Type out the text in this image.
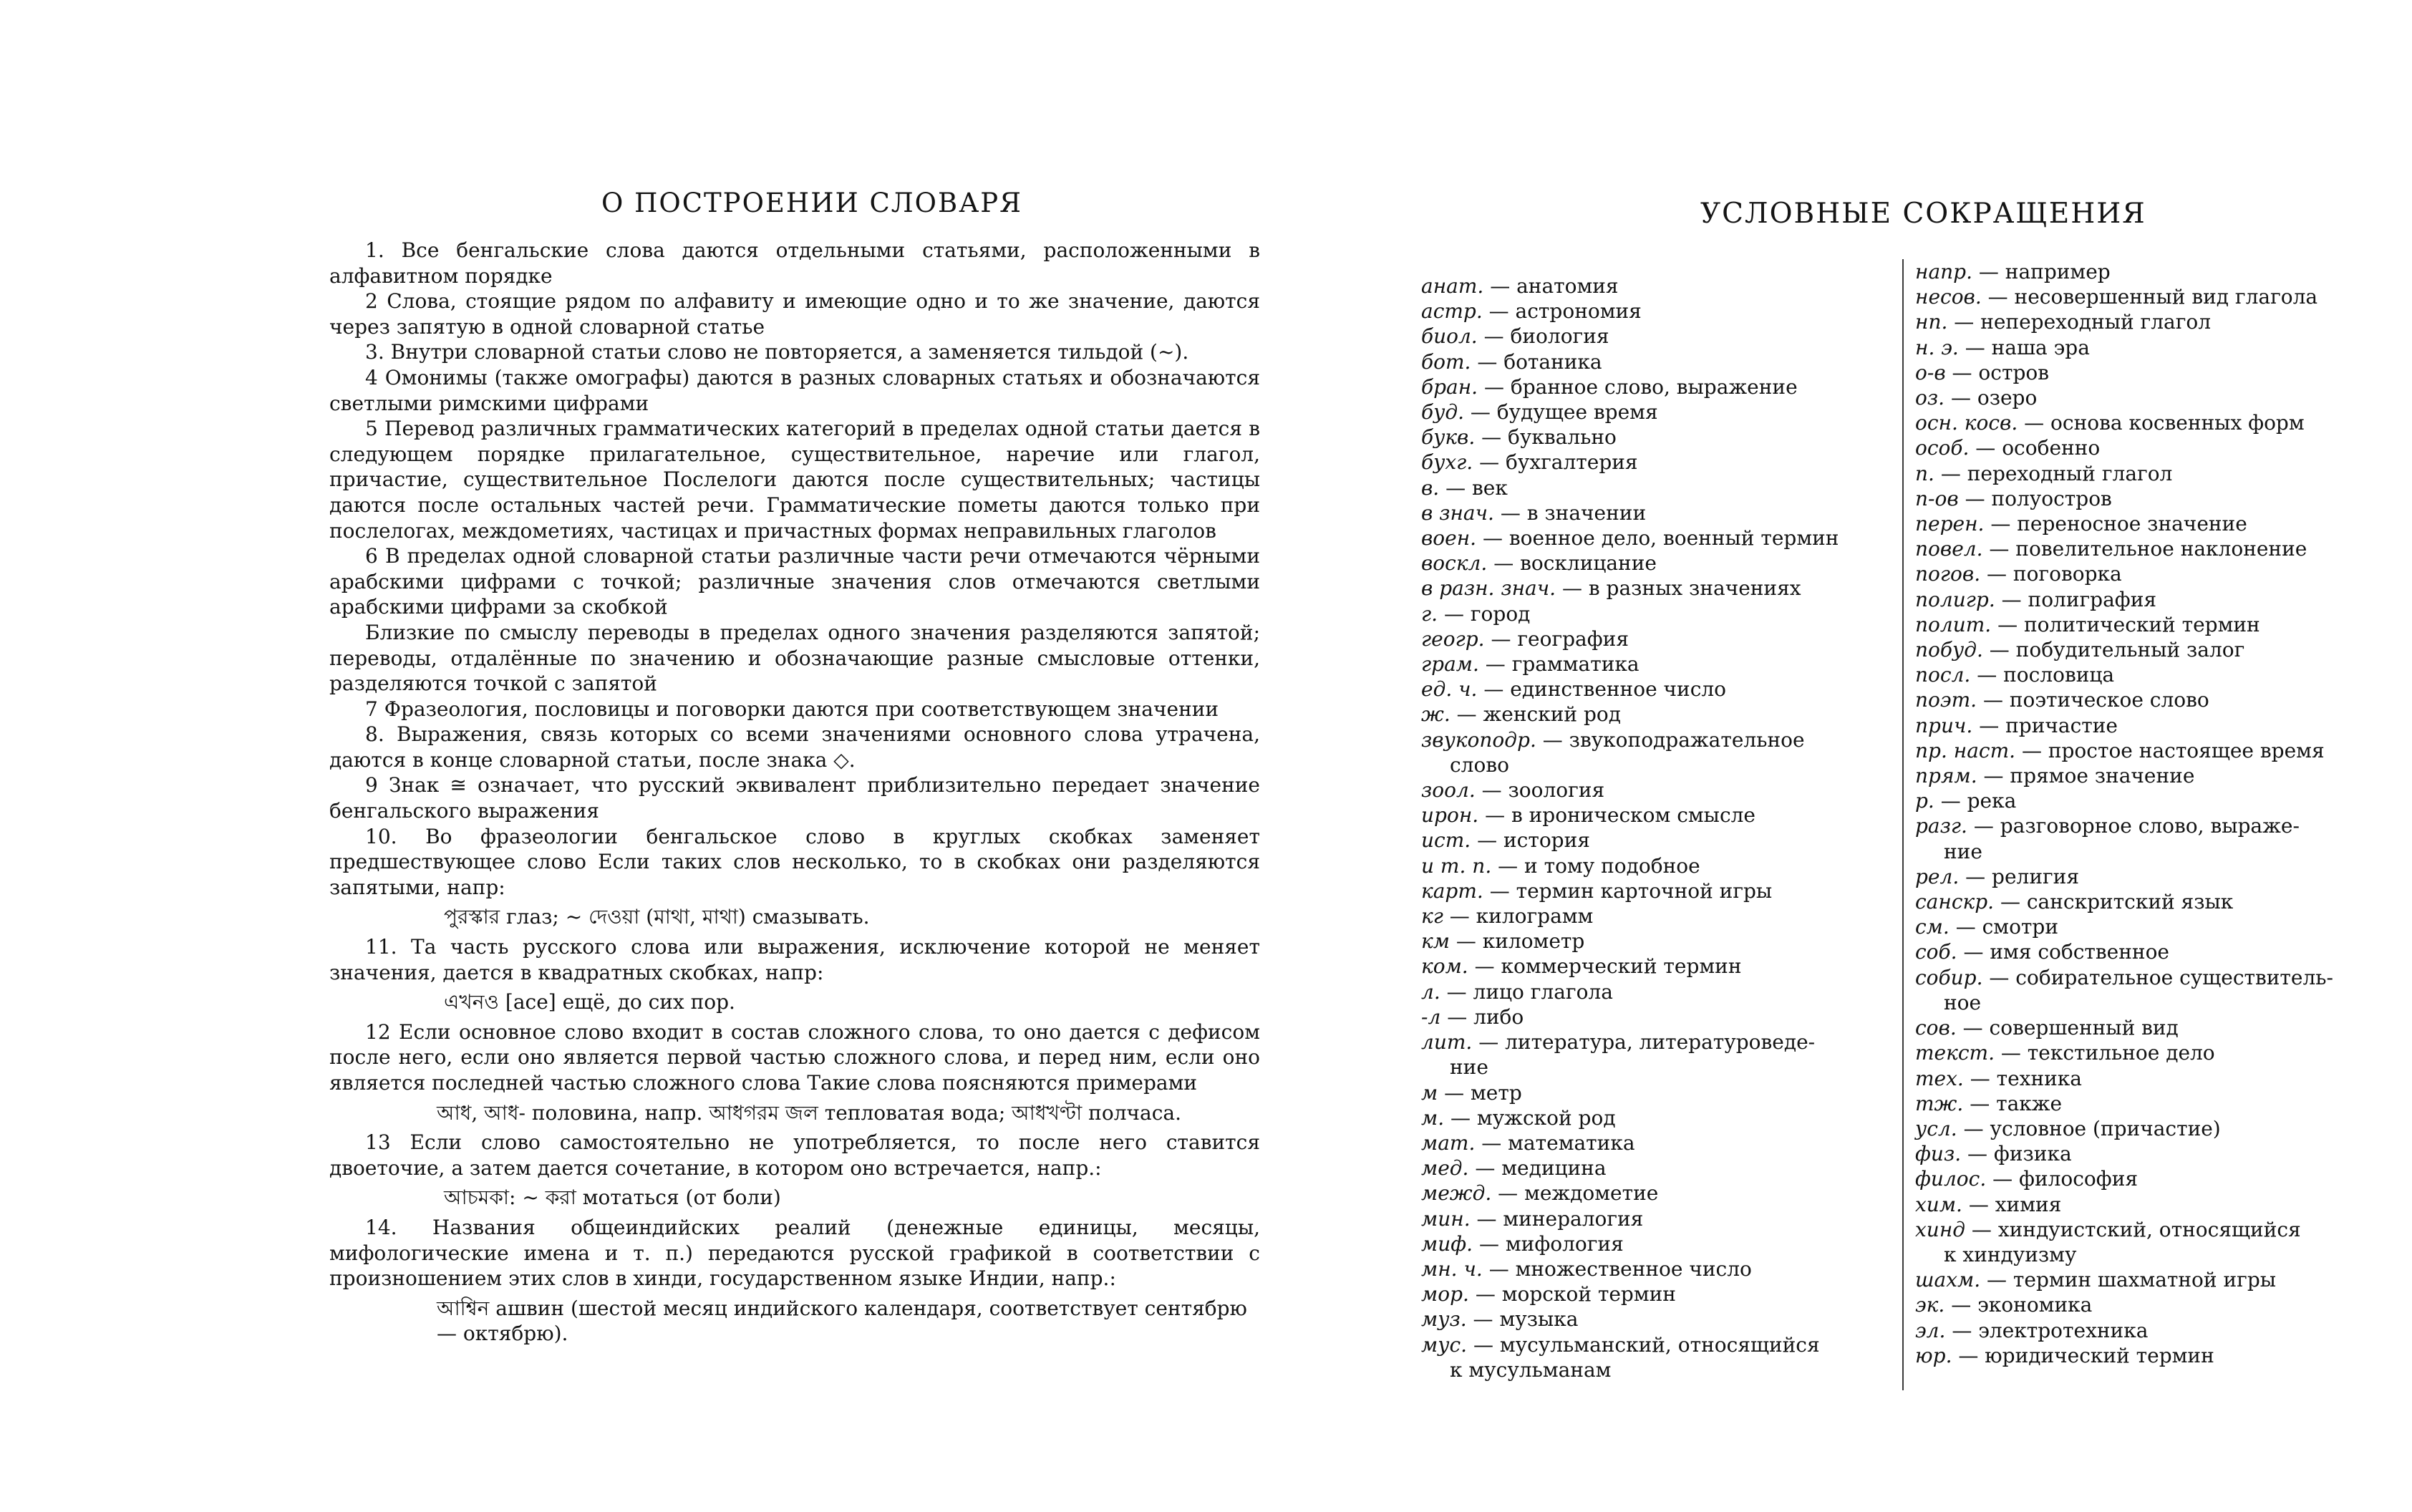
О ПОСТРОЕНИИ СЛОВАРЯ

1. Все бенгальские слова даются отдельными статьями, расположенными в алфавитном порядке

2 Слова, стоящие рядом по алфавиту и имеющие одно и то же значение, даются через запятую в одной словарной статье

3. Внутри словарной статьи слово не повторяется, а заменяется тильдой (~).

4 Омонимы (также омографы) даются в разных словарных статьях и обозначаются светлыми римскими цифрами

5 Перевод различных грамматических категорий в пределах одной статьи дается в следующем порядке прилагательное, существительное, наречие или глагол, причастие, существительное Послелоги даются после существительных; частицы даются после остальных частей речи. Грамматические пометы даются только при послелогах, междометиях, частицах и причастных формах неправильных глаголов

6 В пределах одной словарной статьи различные части речи отмечаются чёрными арабскими цифрами с точкой; различные значения слов отмечаются светлыми арабскими цифрами за скобкой

Близкие по смыслу переводы в пределах одного значения разделяются запятой; переводы, отдалённые по значению и обозначающие разные смысловые оттенки, разделяются точкой с запятой

7 Фразеология, пословицы и поговорки даются при соответствующем значении

8. Выражения, связь которых со всеми значениями основного слова утрачена, даются в конце словарной статьи, после знака ◇.

9 Знак ≅ означает, что русский эквивалент приблизительно передает значение бенгальского выражения

10. Во фразеологии бенгальское слово в круглых скобках заменяет предшествующее слово Если таких слов несколько, то в скобках они разделяются запятыми, напр:

পুরস্কার глаз; ~ দেওয়া (মাথা, মাথা) смазывать.

11. Та часть русского слова или выражения, исключение которой не меняет значения, дается в квадратных скобках, напр:

এখনও [ace] ещё, до сих пор.

12 Если основное слово входит в состав сложного слова, то оно дается с дефисом после него, если оно является первой частью сложного слова, и перед ним, если оно является последней частью сложного слова Такие слова поясняются примерами

আধ, আধ- половина, напр. আধগরম জল тепловатая вода; আধখণ্টা полчаса.

13 Если слово самостоятельно не употребляется, то после него ставится двоеточие, а затем дается сочетание, в котором оно встречается, напр.:

আচমকা: ~ করা мотаться (от боли)

14. Названия общеиндийских реалий (денежные единицы, месяцы, мифологические имена и т. п.) передаются русской графикой в соответствии с произношением этих слов в хинди, государственном языке Индии, напр.:

আশ্বিন ашвин (шестой месяц индийского календаря, соответствует сентябрю — октябрю).

УСЛОВНЫЕ СОКРАЩЕНИЯ

анат. — анатомия

астр. — астрономия

биол. — биология

бот. — ботаника

бран. — бранное слово, выражение

буд. — будущее время

букв. — буквально

бухг. — бухгалтерия

в. — век

в знач. — в значении

воен. — военное дело, военный термин

воскл. — восклицание

в разн. знач. — в разных значениях

г. — город

геогр. — география

грам. — грамматика

ед. ч. — единственное число

ж. — женский род

звукоподр. — звукоподражательное

слово

зоол. — зоология

ирон. — в ироническом смысле

ист. — история

и т. п. — и тому подобное

карт. — термин карточной игры

кг — килограмм

км — километр

ком. — коммерческий термин

л. — лицо глагола

-л — либо

лит. — литература, литературоведе-

ние

м — метр

м. — мужской род

мат. — математика

мед. — медицина

межд. — междометие

мин. — минералогия

миф. — мифология

мн. ч. — множественное число

мор. — морской термин

муз. — музыка

мус. — мусульманский, относящийся

к мусульманам

напр. — например

несов. — несовершенный вид глагола

нп. — непереходный глагол

н. э. — наша эра

о-в — остров

оз. — озеро

осн. косв. — основа косвенных форм

особ. — особенно

п. — переходный глагол

п-ов — полуостров

перен. — переносное значение

повел. — повелительное наклонение

погов. — поговорка

полигр. — полиграфия

полит. — политический термин

побуд. — побудительный залог

посл. — пословица

поэт. — поэтическое слово

прич. — причастие

пр. наст. — простое настоящее время

прям. — прямое значение

р. — река

разг. — разговорное слово, выраже-

ние

рел. — религия

санскр. — санскритский язык

см. — смотри

соб. — имя собственное

собир. — собирательное существитель-

ное

сов. — совершенный вид

текст. — текстильное дело

тех. — техника

тж. — также

усл. — условное (причастие)

физ. — физика

филос. — философия

хим. — химия

хинд — хиндуистский, относящийся

к хиндуизму

шахм. — термин шахматной игры

эк. — экономика

эл. — электротехника

юр. — юридический термин
